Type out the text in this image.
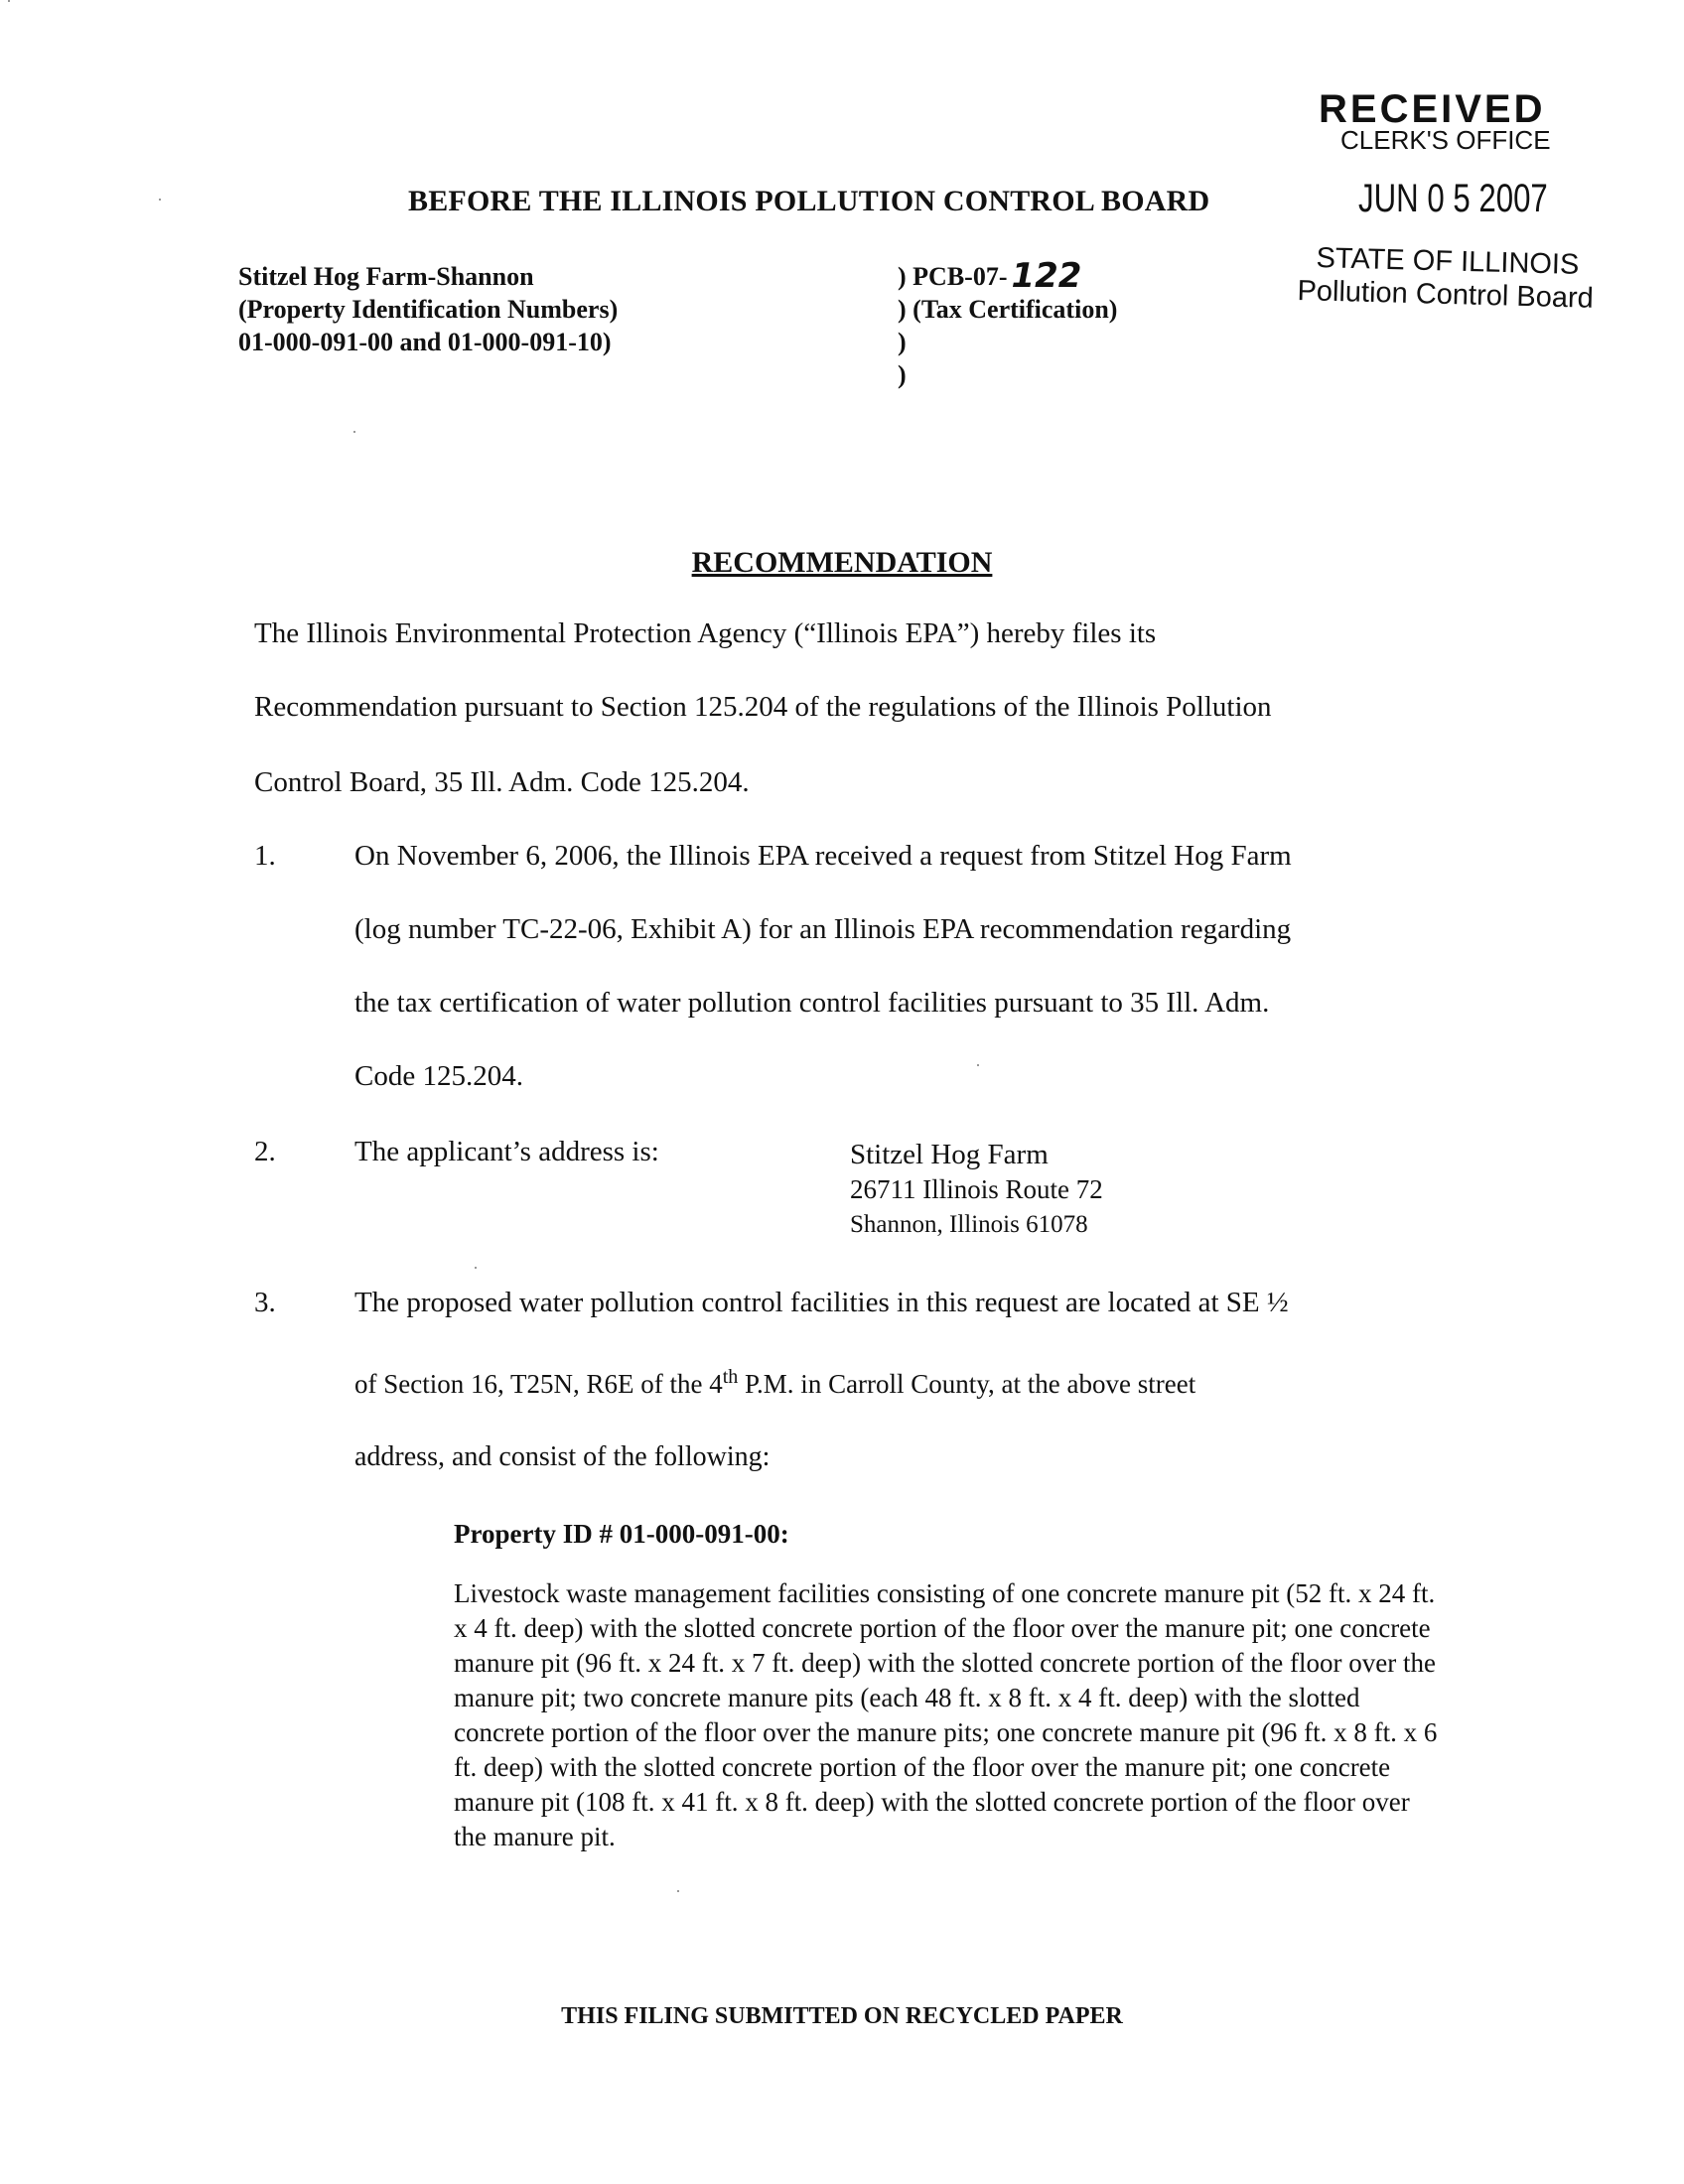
RECEIVED
CLERK'S OFFICE
JUN 0 5 2007
STATE OF ILLINOIS
Pollution Control Board
BEFORE THE ILLINOIS POLLUTION CONTROL BOARD
Stitzel Hog Farm-Shannon
(Property Identification Numbers)
01-000-091-00 and 01-000-091-10)
) PCB-07- 122
) (Tax Certification)
)
)
RECOMMENDATION
The Illinois Environmental Protection Agency (“Illinois EPA”) hereby files its
Recommendation pursuant to Section 125.204 of the regulations of the Illinois Pollution
Control Board, 35 Ill. Adm. Code 125.204.
1.	On November 6, 2006, the Illinois EPA received a request from Stitzel Hog Farm
(log number TC-22-06, Exhibit A) for an Illinois EPA recommendation regarding
the tax certification of water pollution control facilities pursuant to 35 Ill. Adm.
Code 125.204.
2.	The applicant’s address is:	Stitzel Hog Farm
26711 Illinois Route 72
Shannon, Illinois 61078
3.	The proposed water pollution control facilities in this request are located at SE ½
of Section 16, T25N, R6E of the 4th P.M. in Carroll County, at the above street
address, and consist of the following:
Property ID # 01-000-091-00:
Livestock waste management facilities consisting of one concrete manure pit (52 ft. x 24 ft. x 4 ft. deep) with the slotted concrete portion of the floor over the manure pit; one concrete manure pit (96 ft. x 24 ft. x 7 ft. deep) with the slotted concrete portion of the floor over the manure pit; two concrete manure pits (each 48 ft. x 8 ft. x 4 ft. deep) with the slotted concrete portion of the floor over the manure pits; one concrete manure pit (96 ft. x 8 ft. x 6 ft. deep) with the slotted concrete portion of the floor over the manure pit; one concrete manure pit (108 ft. x 41 ft. x 8 ft. deep) with the slotted concrete portion of the floor over the manure pit.
THIS FILING SUBMITTED ON RECYCLED PAPER
